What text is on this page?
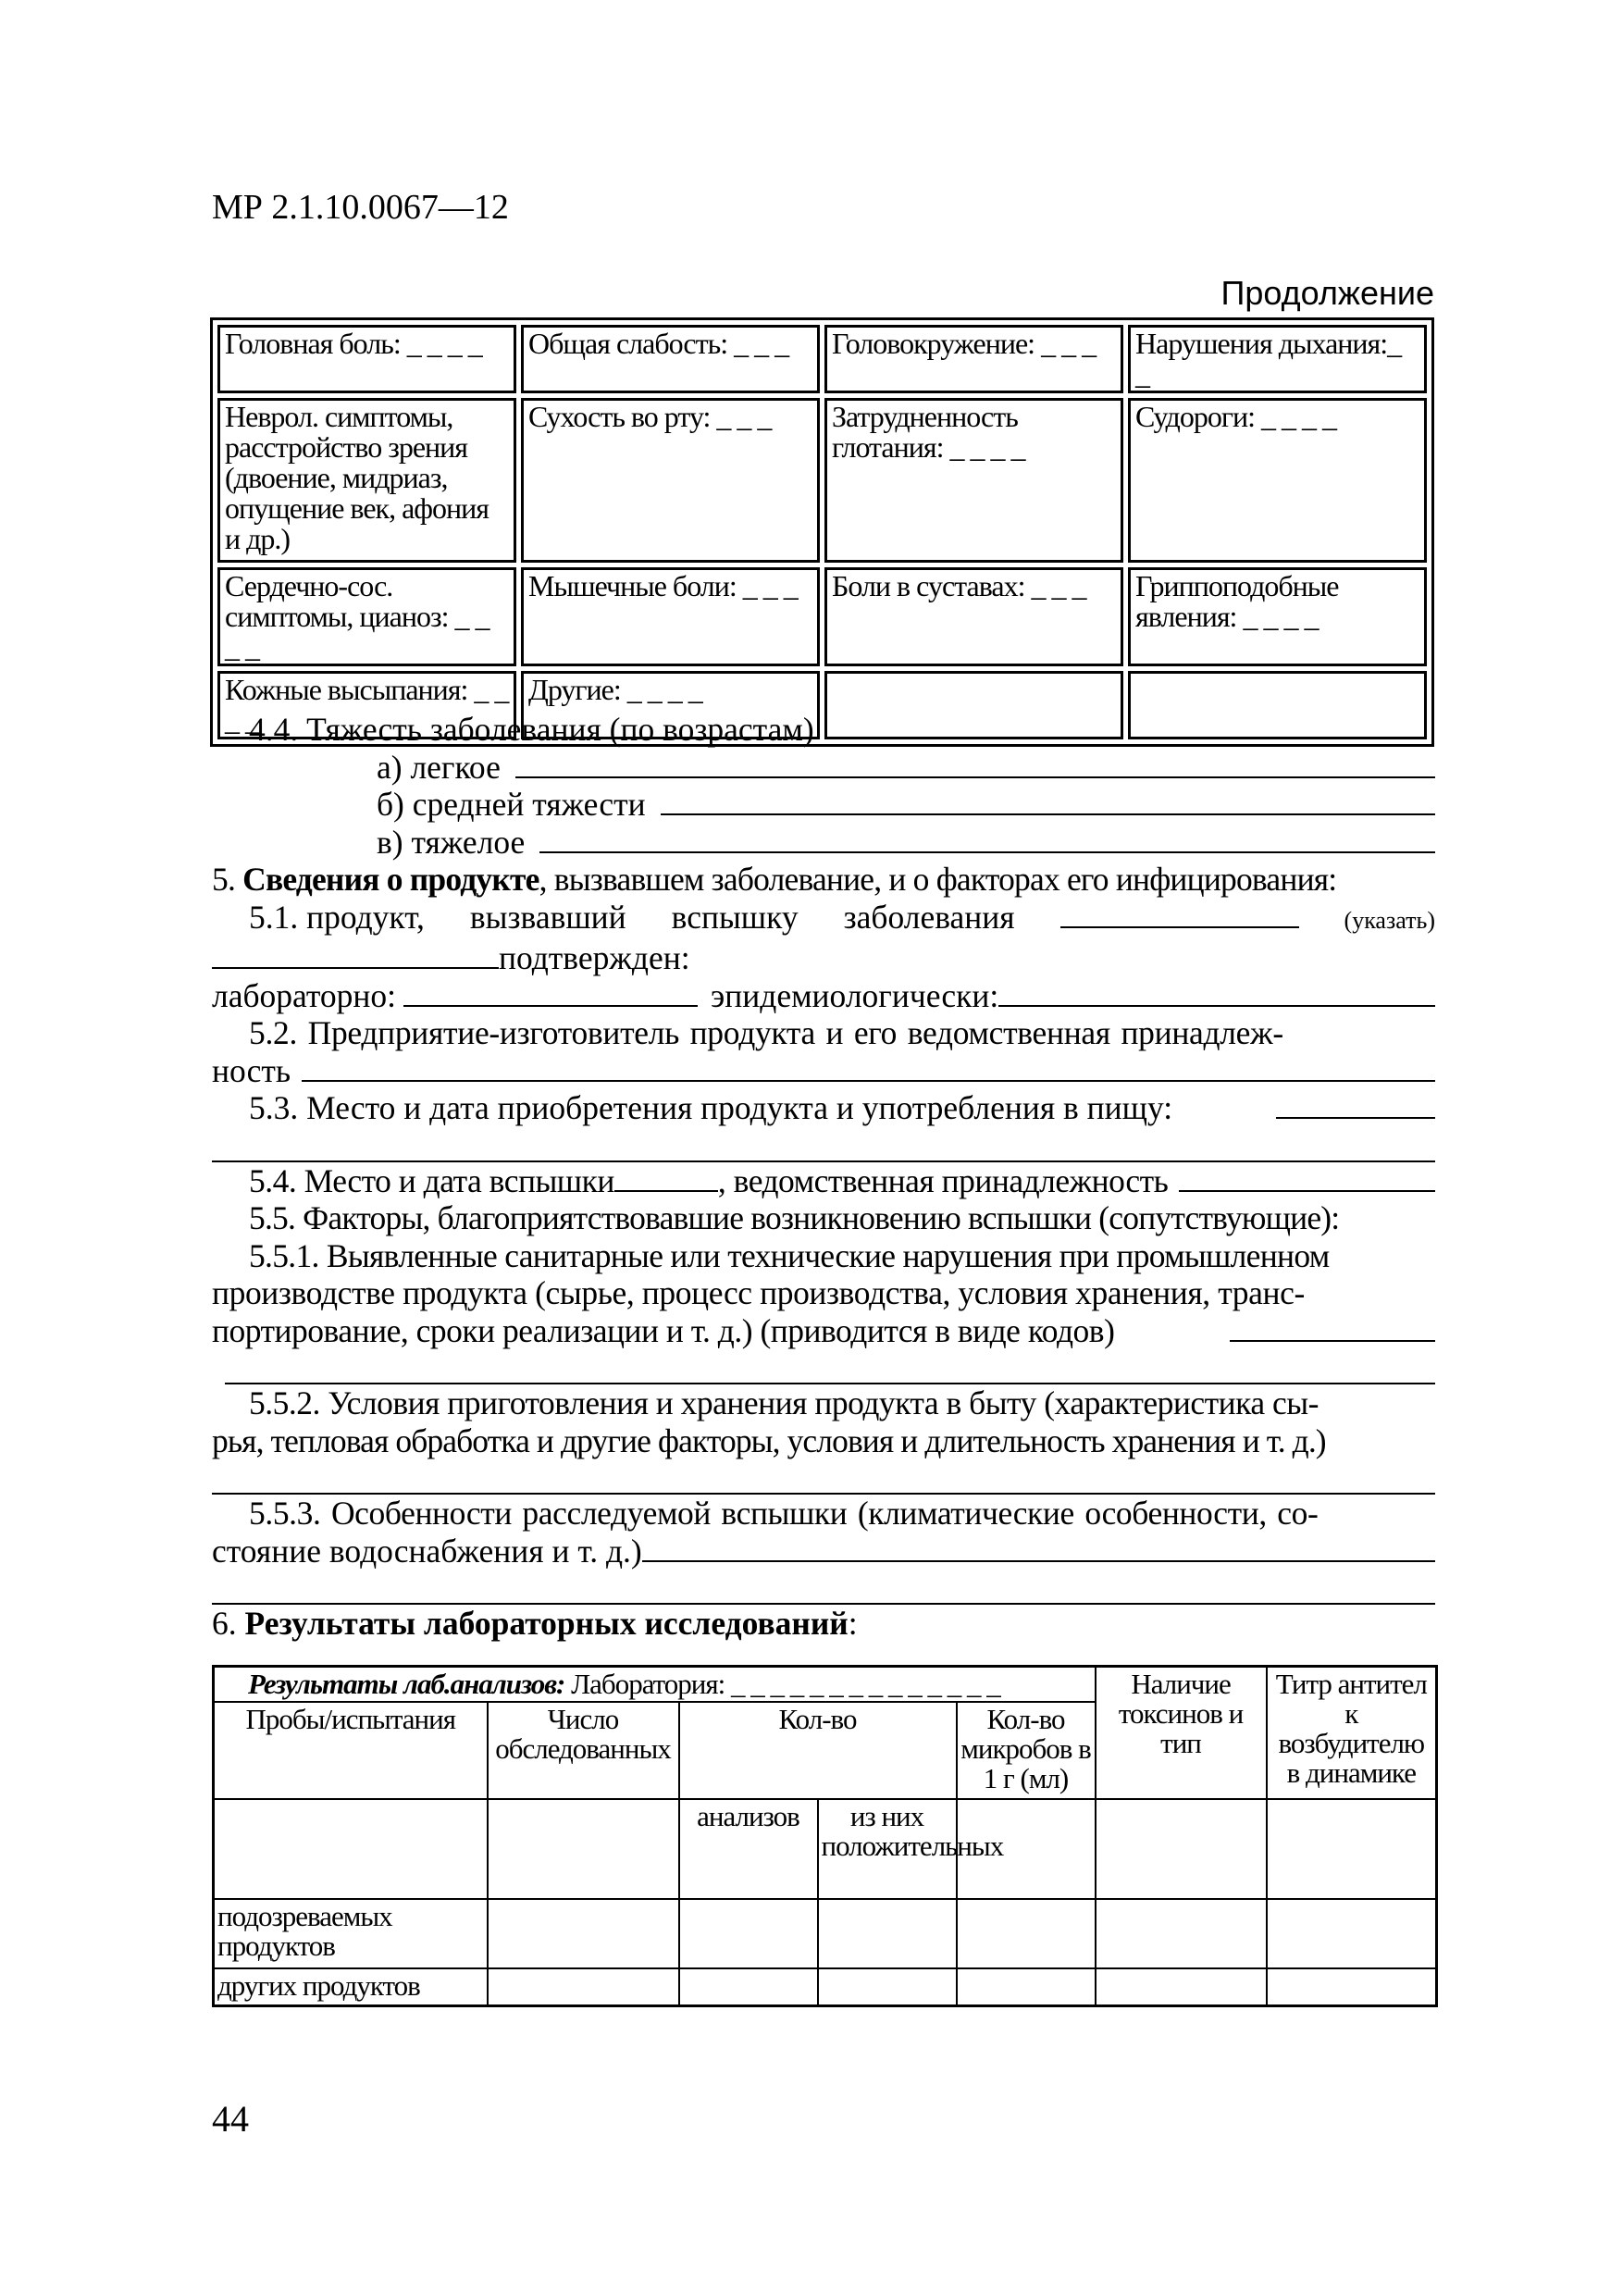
МР 2.1.10.0067—12
Продолжение
Головная боль: _ _ _ _	Общая слабость: _ _ _	Головокружение: _ _ _	Нарушения дыхания:_ _
Неврол. симптомы, расстройство зрения (двоение, мидриаз, опущение век, афония и др.)	Сухость во рту: _ _ _	Затрудненность глотания: _ _ _ _	Судороги: _ _ _ _
Сердечно-сос. симптомы, цианоз: _ _ _ _	Мышечные боли: _ _ _	Боли в суставах: _ _ _	Гриппоподобные явления: _ _ _ _
Кожные высыпания: _ _ _ _	Другие: _ _ _ _		
4.4. Тяжесть заболевания (по возрастам)
а) легкое
б) средней тяжести
в) тяжелое
5. Сведения о продукте, вызвавшем заболевание, и о факторах его инфицирования:
5.1. продукт, вызвавший вспышку заболевания	(указать)
подтвержден:
лабораторно:	эпидемиологически:
5.2. Предприятие-изготовитель продукта и его ведомственная принадлеж-
ность
5.3. Место и дата приобретения продукта и употребления в пищу:
5.4. Место и дата вспышки	, ведомственная принадлежность
5.5. Факторы, благоприятствовавшие возникновению вспышки (сопутствующие):
5.5.1. Выявленные санитарные или технические нарушения при промышленном
производстве продукта (сырье, процесс производства, условия хранения, транс-
портирование, сроки реализации и т. д.) (приводится в виде кодов)
5.5.2. Условия приготовления и хранения продукта в быту (характеристика сы-
рья, тепловая обработка и другие факторы, условия и длительность хранения и т. д.)
5.5.3. Особенности расследуемой вспышки (климатические особенности, со-
стояние водоснабжения и т. д.)
6. Результаты лабораторных исследований:
Результаты лаб.анализов: Лаборатория: _ _ _ _ _ _ _ _ _ _ _ _ _ _					Наличие токсинов и тип	Титр антител к возбудителю в динамике
Пробы/испытания	Число обследованных	Кол-во		Кол-во микробов в 1 г (мл)		

		анализов	из них положительных			
подозреваемых продуктов						
других продуктов						
44
